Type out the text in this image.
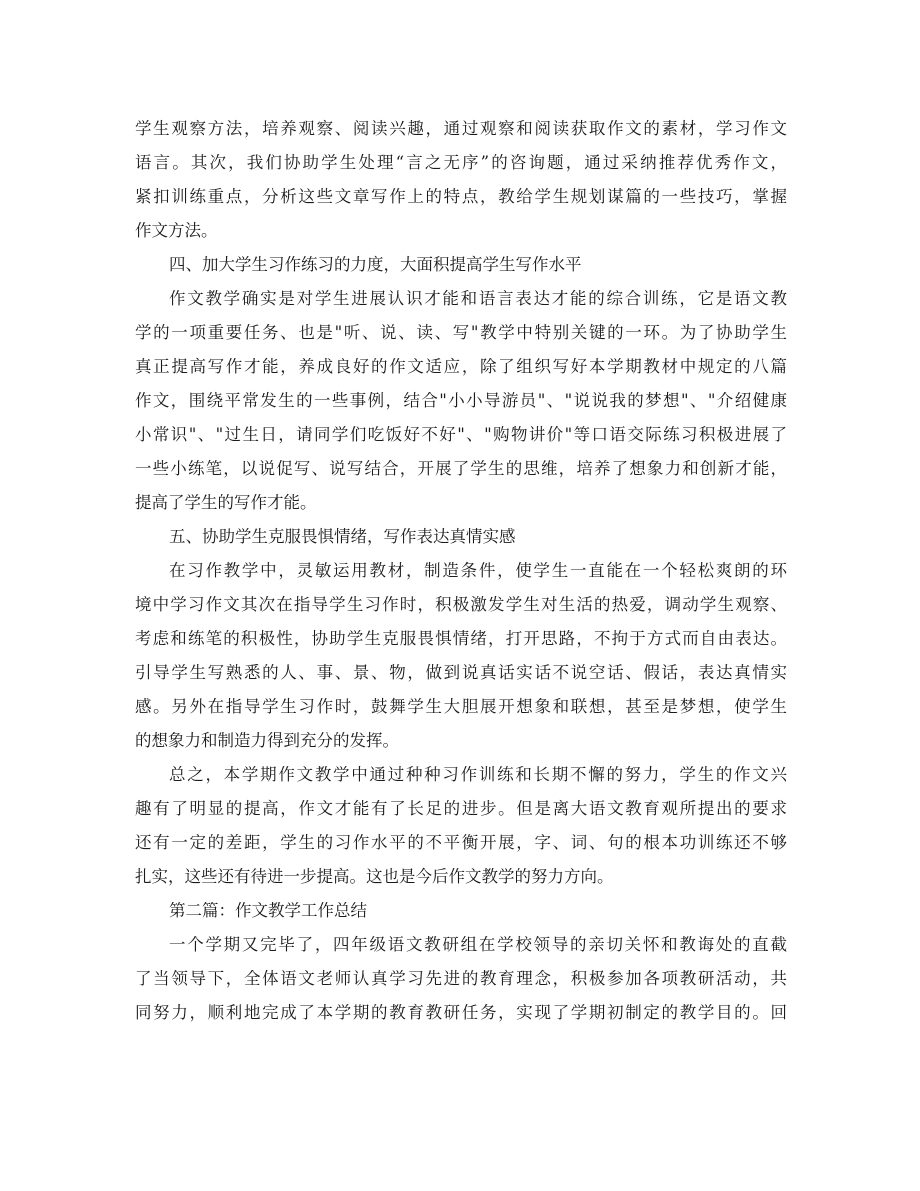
学生观察方法，培养观察、阅读兴趣，通过观察和阅读获取作文的素材，学习作文
语言。其次，我们协助学生处理“言之无序”的咨询题，通过采纳推荐优秀作文，
紧扣训练重点，分析这些文章写作上的特点，教给学生规划谋篇的一些技巧，掌握
作文方法。
四、加大学生习作练习的力度，大面积提高学生写作水平
作文教学确实是对学生进展认识才能和语言表达才能的综合训练，它是语文教
学的一项重要任务、也是"听、说、读、写"教学中特别关键的一环。为了协助学生
真正提高写作才能，养成良好的作文适应，除了组织写好本学期教材中规定的八篇
作文，围绕平常发生的一些事例，结合"小小导游员"、"说说我的梦想"、"介绍健康
小常识"、"过生日，请同学们吃饭好不好"、"购物讲价"等口语交际练习积极进展了
一些小练笔，以说促写、说写结合，开展了学生的思维，培养了想象力和创新才能，
提高了学生的写作才能。
五、协助学生克服畏惧情绪，写作表达真情实感
在习作教学中，灵敏运用教材，制造条件，使学生一直能在一个轻松爽朗的环
境中学习作文其次在指导学生习作时，积极激发学生对生活的热爱，调动学生观察、
考虑和练笔的积极性，协助学生克服畏惧情绪，打开思路，不拘于方式而自由表达。
引导学生写熟悉的人、事、景、物，做到说真话实话不说空话、假话，表达真情实
感。另外在指导学生习作时，鼓舞学生大胆展开想象和联想，甚至是梦想，使学生
的想象力和制造力得到充分的发挥。
总之，本学期作文教学中通过种种习作训练和长期不懈的努力，学生的作文兴
趣有了明显的提高，作文才能有了长足的进步。但是离大语文教育观所提出的要求
还有一定的差距，学生的习作水平的不平衡开展，字、词、句的根本功训练还不够
扎实，这些还有待进一步提高。这也是今后作文教学的努力方向。
第二篇：作文教学工作总结
一个学期又完毕了，四年级语文教研组在学校领导的亲切关怀和教诲处的直截
了当领导下，全体语文老师认真学习先进的教育理念，积极参加各项教研活动，共
同努力，顺利地完成了本学期的教育教研任务，实现了学期初制定的教学目的。回
